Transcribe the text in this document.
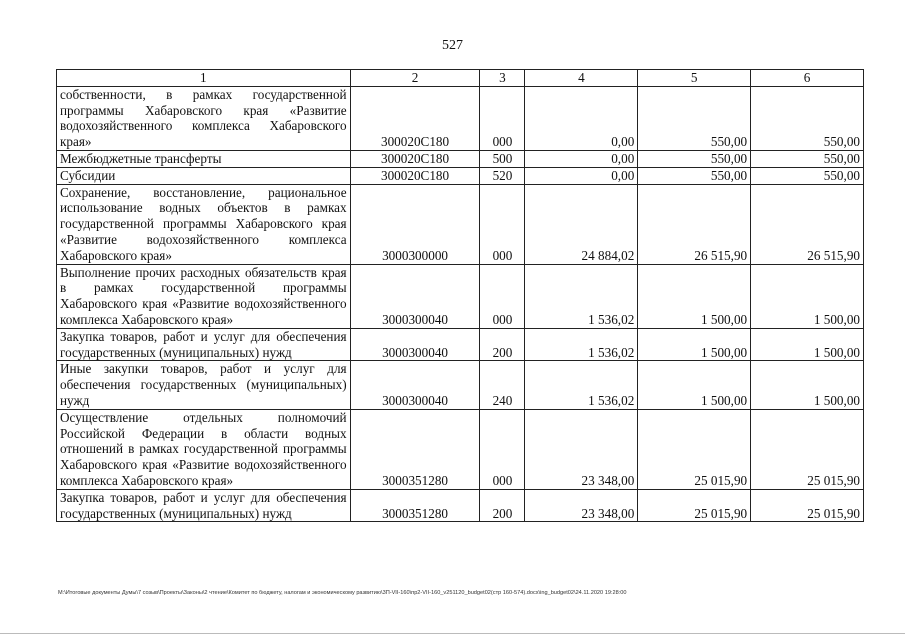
527
1	2	3	4	5	6
собственности, в рамках государственной программы Хабаровского края «Развитие водохозяйственного комплекса Хабаровского края»	300020С180	000	0,00	550,00	550,00
Межбюджетные трансферты	300020С180	500	0,00	550,00	550,00
Субсидии	300020С180	520	0,00	550,00	550,00
Сохранение, восстановление, рациональное использование водных объектов в рамках государственной программы Хабаровского края «Развитие водохозяйственного комплекса Хабаровского края»	3000300000	000	24 884,02	26 515,90	26 515,90
Выполнение прочих расходных обязательств края в рамках государственной программы Хабаровского края «Развитие водохозяйственного комплекса Хабаровского края»	3000300040	000	1 536,02	1 500,00	1 500,00
Закупка товаров, работ и услуг для обеспечения государственных (муниципальных) нужд	3000300040	200	1 536,02	1 500,00	1 500,00
Иные закупки товаров, работ и услуг для обеспечения государственных (муниципальных) нужд	3000300040	240	1 536,02	1 500,00	1 500,00
Осуществление отдельных полномочий Российской Федерации в области водных отношений в рамках государственной программы Хабаровского края «Развитие водохозяйственного комплекса Хабаровского края»	3000351280	000	23 348,00	25 015,90	25 015,90
Закупка товаров, работ и услуг для обеспечения государственных (муниципальных) нужд	3000351280	200	23 348,00	25 015,90	25 015,90
М:\Итоговые документы Думы\7 созыв\Проекты\Законы\2 чтение\Комитет по бюджету, налогам и экономическому развитию\3П-VII-160\пр2-VII-160_v251120_budget02(стр 160-574).docx\ing_budget02\24.11.2020 19:28:00
